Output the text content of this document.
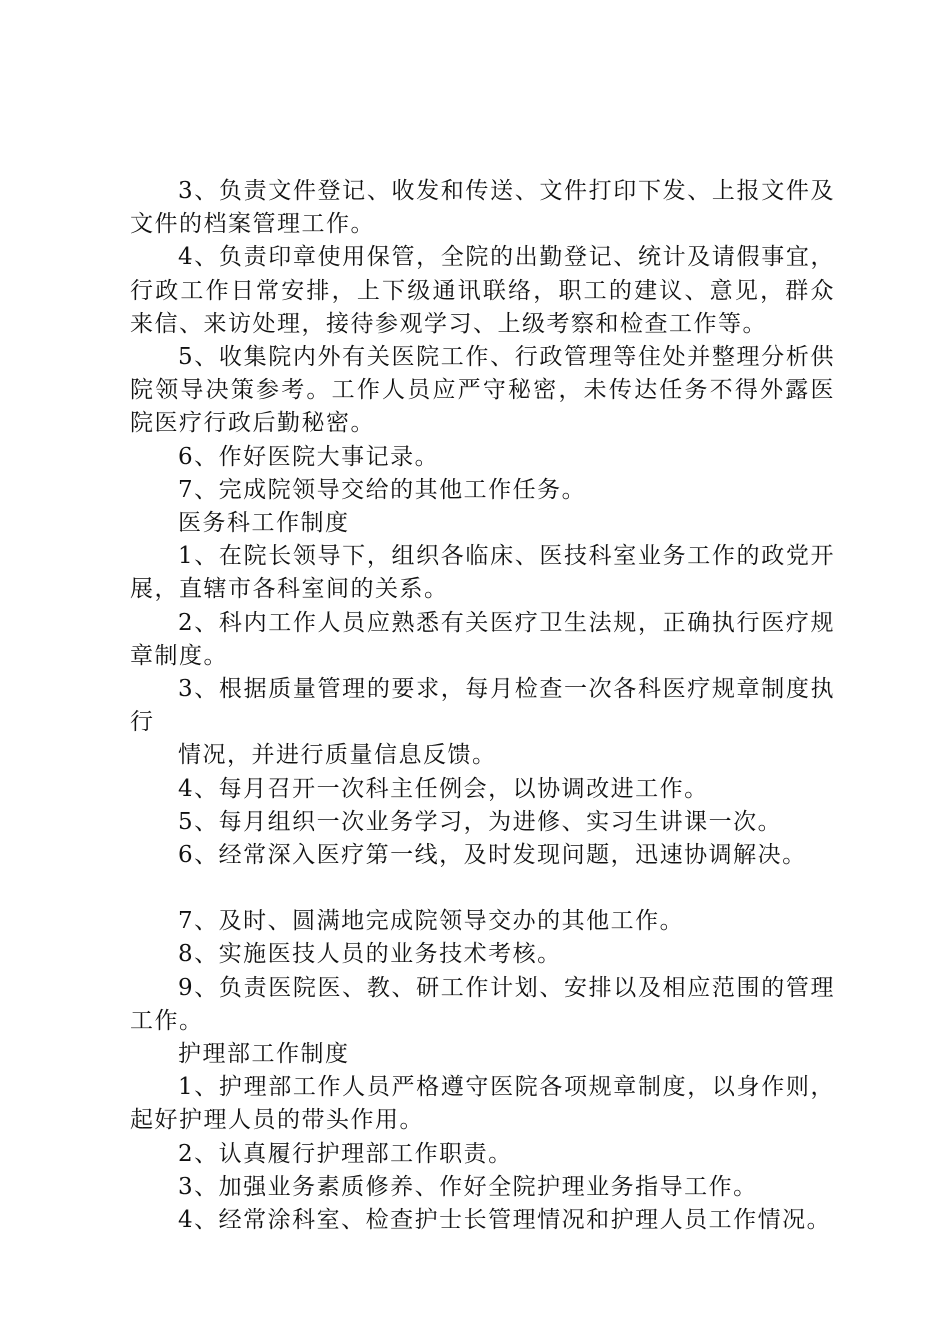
3、负责文件登记、收发和传送、文件打印下发、上报文件及文件的档案管理工作。

4、负责印章使用保管，全院的出勤登记、统计及请假事宜，行政工作日常安排，上下级通讯联络，职工的建议、意见，群众来信、来访处理，接待参观学习、上级考察和检查工作等。

5、收集院内外有关医院工作、行政管理等住处并整理分析供院领导决策参考。工作人员应严守秘密，未传达任务不得外露医院医疗行政后勤秘密。

6、作好医院大事记录。

7、完成院领导交给的其他工作任务。

医务科工作制度

1、在院长领导下，组织各临床、医技科室业务工作的政党开展，直辖市各科室间的关系。

2、科内工作人员应熟悉有关医疗卫生法规，正确执行医疗规章制度。

3、根据质量管理的要求，每月检查一次各科医疗规章制度执行

情况，并进行质量信息反馈。

4、每月召开一次科主任例会，以协调改进工作。

5、每月组织一次业务学习，为进修、实习生讲课一次。

6、经常深入医疗第一线，及时发现问题，迅速协调解决。

7、及时、圆满地完成院领导交办的其他工作。

8、实施医技人员的业务技术考核。

9、负责医院医、教、研工作计划、安排以及相应范围的管理工作。

护理部工作制度

1、护理部工作人员严格遵守医院各项规章制度，以身作则，起好护理人员的带头作用。

2、认真履行护理部工作职责。

3、加强业务素质修养、作好全院护理业务指导工作。

4、经常涂科室、检查护士长管理情况和护理人员工作情况。
